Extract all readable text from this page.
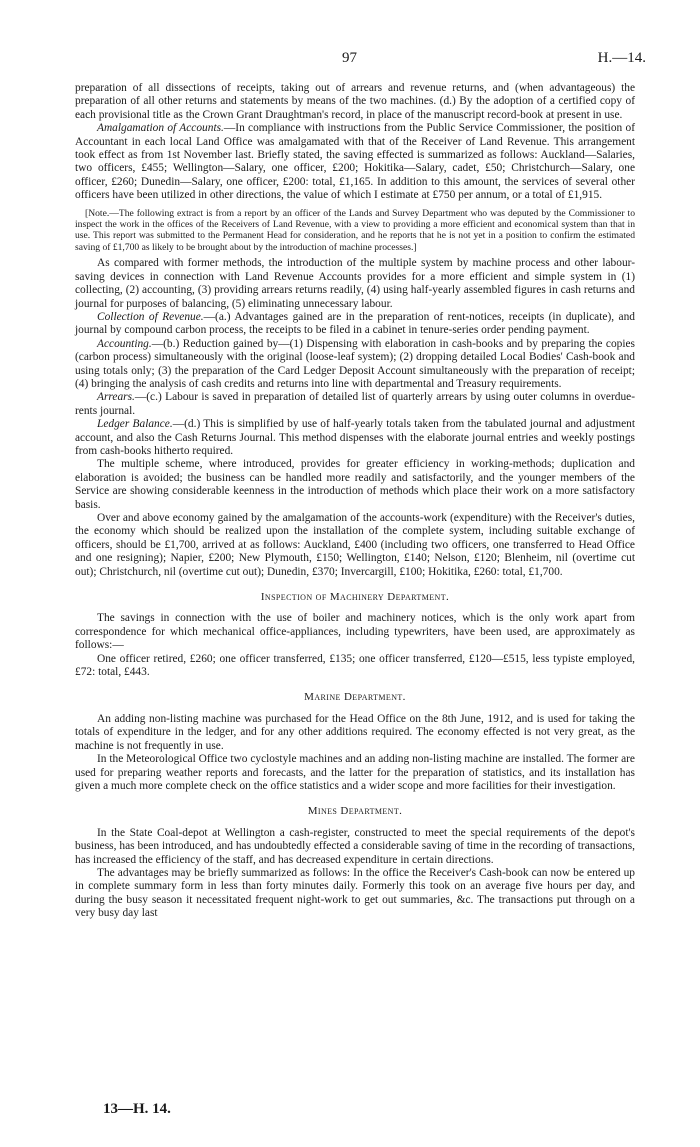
97	H.—14.

preparation of all dissections of receipts, taking out of arrears and revenue returns, and (when advantageous) the preparation of all other returns and statements by means of the two machines. (d.) By the adoption of a certified copy of each provisional title as the Crown Grant Draughtman's record, in place of the manuscript record-book at present in use.

Amalgamation of Accounts.—In compliance with instructions from the Public Service Commissioner, the position of Accountant in each local Land Office was amalgamated with that of the Receiver of Land Revenue. This arrangement took effect as from 1st November last. Briefly stated, the saving effected is summarized as follows: Auckland—Salaries, two officers, £455; Wellington—Salary, one officer, £200; Hokitika—Salary, cadet, £50; Christchurch—Salary, one officer, £260; Dunedin—Salary, one officer, £200: total, £1,165. In addition to this amount, the services of several other officers have been utilized in other directions, the value of which I estimate at £750 per annum, or a total of £1,915.

[Note.—The following extract is from a report by an officer of the Lands and Survey Department who was deputed by the Commissioner to inspect the work in the offices of the Receivers of Land Revenue, with a view to providing a more efficient and economical system than that in use. This report was submitted to the Permanent Head for consideration, and he reports that he is not yet in a position to confirm the estimated saving of £1,700 as likely to be brought about by the introduction of machine processes.]

As compared with former methods, the introduction of the multiple system by machine process and other labour-saving devices in connection with Land Revenue Accounts provides for a more efficient and simple system in (1) collecting, (2) accounting, (3) providing arrears returns readily, (4) using half-yearly assembled figures in cash returns and journal for purposes of balancing, (5) eliminating unnecessary labour.

Collection of Revenue.—(a.) Advantages gained are in the preparation of rent-notices, receipts (in duplicate), and journal by compound carbon process, the receipts to be filed in a cabinet in tenure-series order pending payment.

Accounting.—(b.) Reduction gained by—(1) Dispensing with elaboration in cash-books and by preparing the copies (carbon process) simultaneously with the original (loose-leaf system); (2) dropping detailed Local Bodies' Cash-book and using totals only; (3) the preparation of the Card Ledger Deposit Account simultaneously with the preparation of receipt; (4) bringing the analysis of cash credits and returns into line with departmental and Treasury requirements.

Arrears.—(c.) Labour is saved in preparation of detailed list of quarterly arrears by using outer columns in overdue-rents journal.

Ledger Balance.—(d.) This is simplified by use of half-yearly totals taken from the tabulated journal and adjustment account, and also the Cash Returns Journal. This method dispenses with the elaborate journal entries and weekly postings from cash-books hitherto required.

The multiple scheme, where introduced, provides for greater efficiency in working-methods; duplication and elaboration is avoided; the business can be handled more readily and satisfactorily, and the younger members of the Service are showing considerable keenness in the introduction of methods which place their work on a more satisfactory basis.

Over and above economy gained by the amalgamation of the accounts-work (expenditure) with the Receiver's duties, the economy which should be realized upon the installation of the complete system, including suitable exchange of officers, should be £1,700, arrived at as follows: Auckland, £400 (including two officers, one transferred to Head Office and one resigning); Napier, £200; New Plymouth, £150; Wellington, £140; Nelson, £120; Blenheim, nil (overtime cut out); Christchurch, nil (overtime cut out); Dunedin, £370; Invercargill, £100; Hokitika, £260: total, £1,700.

Inspection of Machinery Department.

The savings in connection with the use of boiler and machinery notices, which is the only work apart from correspondence for which mechanical office-appliances, including typewriters, have been used, are approximately as follows:—

One officer retired, £260; one officer transferred, £135; one officer transferred, £120—£515, less typiste employed, £72: total, £443.

Marine Department.

An adding non-listing machine was purchased for the Head Office on the 8th June, 1912, and is used for taking the totals of expenditure in the ledger, and for any other additions required. The economy effected is not very great, as the machine is not frequently in use.

In the Meteorological Office two cyclostyle machines and an adding non-listing machine are installed. The former are used for preparing weather reports and forecasts, and the latter for the preparation of statistics, and its installation has given a much more complete check on the office statistics and a wider scope and more facilities for their investigation.

Mines Department.

In the State Coal-depot at Wellington a cash-register, constructed to meet the special requirements of the depot's business, has been introduced, and has undoubtedly effected a considerable saving of time in the recording of transactions, has increased the efficiency of the staff, and has decreased expenditure in certain directions.

The advantages may be briefly summarized as follows: In the office the Receiver's Cash-book can now be entered up in complete summary form in less than forty minutes daily. Formerly this took on an average five hours per day, and during the busy season it necessitated frequent night-work to get out summaries, &c. The transactions put through on a very busy day last

13—H. 14.
